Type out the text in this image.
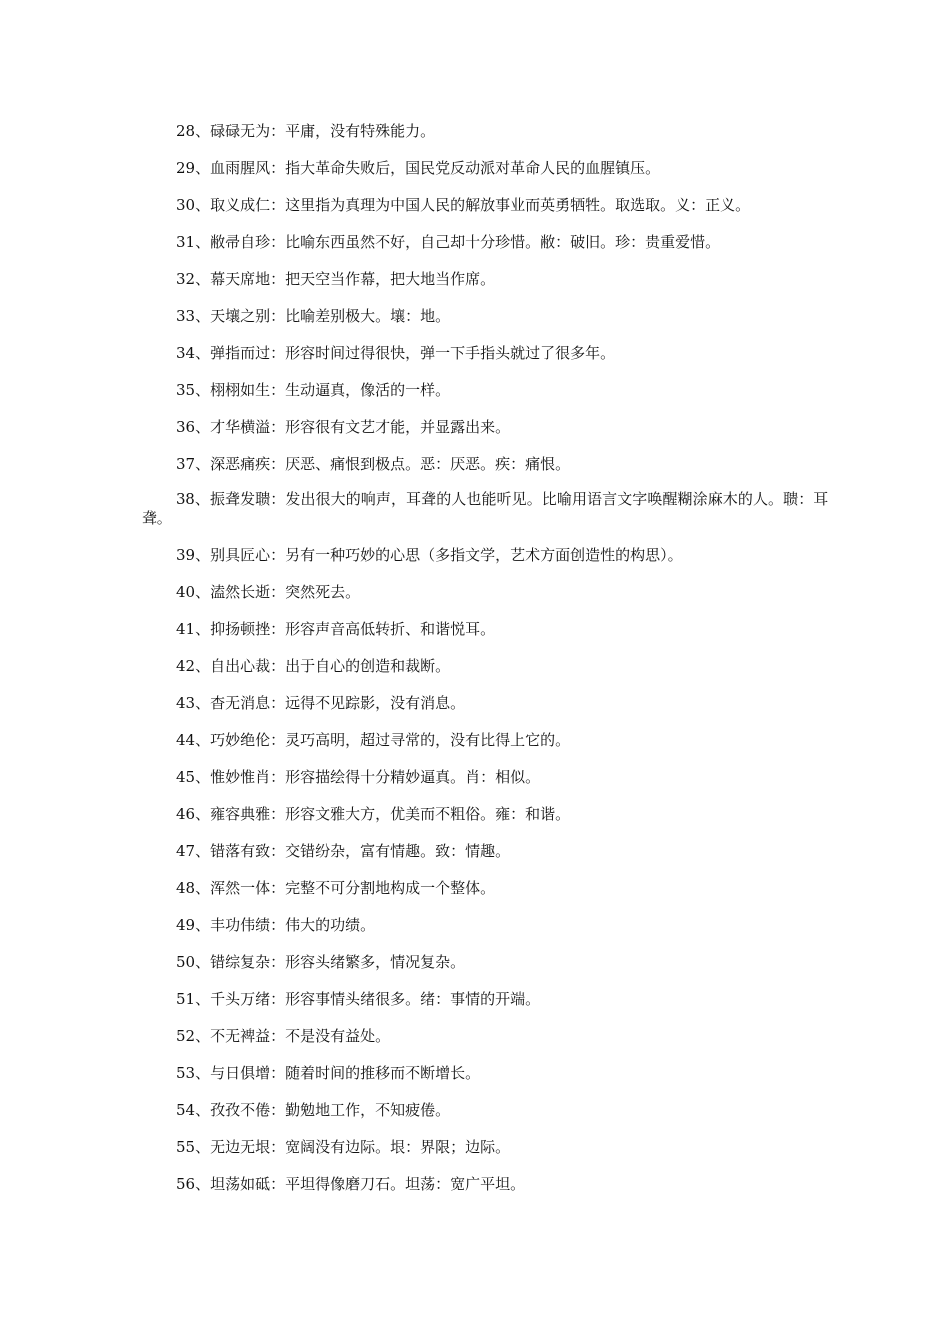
28、碌碌无为：平庸，没有特殊能力。
29、血雨腥风：指大革命失败后，国民党反动派对革命人民的血腥镇压。
30、取义成仁：这里指为真理为中国人民的解放事业而英勇牺牲。取选取。义：正义。
31、敝帚自珍：比喻东西虽然不好，自己却十分珍惜。敝：破旧。珍：贵重爱惜。
32、幕天席地：把天空当作幕，把大地当作席。
33、天壤之别：比喻差别极大。壤：地。
34、弹指而过：形容时间过得很快，弹一下手指头就过了很多年。
35、栩栩如生：生动逼真，像活的一样。
36、才华横溢：形容很有文艺才能，并显露出来。
37、深恶痛疾：厌恶、痛恨到极点。恶：厌恶。疾：痛恨。
38、振聋发聩：发出很大的响声，耳聋的人也能听见。比喻用语言文字唤醒糊涂麻木的人。聩：耳聋。
39、别具匠心：另有一种巧妙的心思（多指文学，艺术方面创造性的构思）。
40、溘然长逝：突然死去。
41、抑扬顿挫：形容声音高低转折、和谐悦耳。
42、自出心裁：出于自心的创造和裁断。
43、杳无消息：远得不见踪影，没有消息。
44、巧妙绝伦：灵巧高明，超过寻常的，没有比得上它的。
45、惟妙惟肖：形容描绘得十分精妙逼真。肖：相似。
46、雍容典雅：形容文雅大方，优美而不粗俗。雍：和谐。
47、错落有致：交错纷杂，富有情趣。致：情趣。
48、浑然一体：完整不可分割地构成一个整体。
49、丰功伟绩：伟大的功绩。
50、错综复杂：形容头绪繁多，情况复杂。
51、千头万绪：形容事情头绪很多。绪：事情的开端。
52、不无裨益：不是没有益处。
53、与日俱增：随着时间的推移而不断增长。
54、孜孜不倦：勤勉地工作，不知疲倦。
55、无边无垠：宽阔没有边际。垠：界限；边际。
56、坦荡如砥：平坦得像磨刀石。坦荡：宽广平坦。
